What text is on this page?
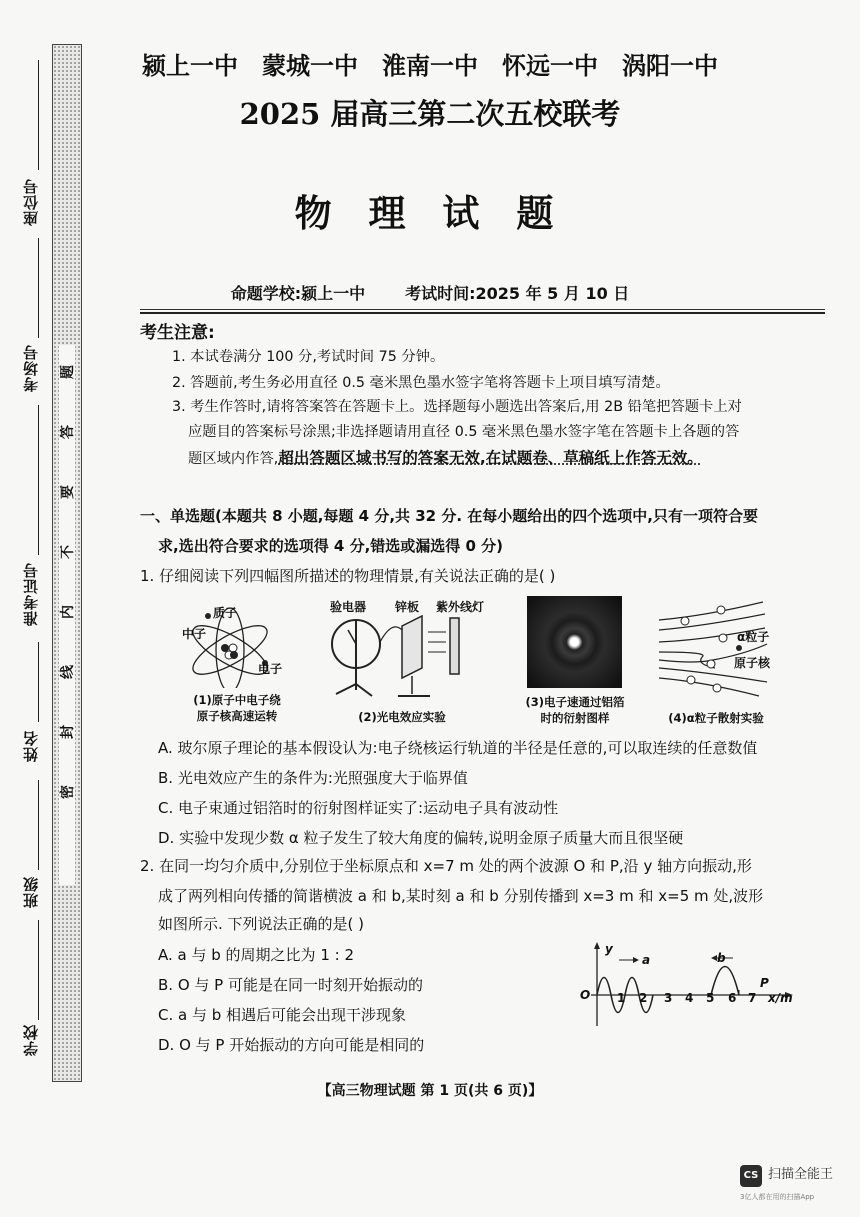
座位号
考场号
准考证号
姓名
班级
学校
题
答
要
不
内
线
封
密
颍上一中 蒙城一中 淮南一中 怀远一中 涡阳一中
2025 届高三第二次五校联考
物 理 试 题
命题学校:颍上一中	考试时间:2025 年 5 月 10 日
考生注意:
1. 本试卷满分 100 分,考试时间 75 分钟。
2. 答题前,考生务必用直径 0.5 毫米黑色墨水签字笔将答题卡上项目填写清楚。
3. 考生作答时,请将答案答在答题卡上。选择题每小题选出答案后,用 2B 铅笔把答题卡上对
应题目的答案标号涂黑;非选择题请用直径 0.5 毫米黑色墨水签字笔在答题卡上各题的答
题区域内作答,超出答题区域书写的答案无效,在试题卷、草稿纸上作答无效。
一、单选题(本题共 8 小题,每题 4 分,共 32 分. 在每小题给出的四个选项中,只有一项符合要
求,选出符合要求的选项得 4 分,错选或漏选得 0 分)
1. 仔细阅读下列四幅图所描述的物理情景,有关说法正确的是( )
质子
中子
电子
(1)原子中电子绕
原子核高速运转
验电器 锌板 紫外线灯
(2)光电效应实验
(3)电子速通过铝箔
时的衍射图样
α粒子
原子核
(4)α粒子散射实验
A. 玻尔原子理论的基本假设认为:电子绕核运行轨道的半径是任意的,可以取连续的任意数值
B. 光电效应产生的条件为:光照强度大于临界值
C. 电子束通过铝箔时的衍射图样证实了:运动电子具有波动性
D. 实验中发现少数 α 粒子发生了较大角度的偏转,说明金原子质量大而且很坚硬
2. 在同一均匀介质中,分别位于坐标原点和 x=7 m 处的两个波源 O 和 P,沿 y 轴方向振动,形
成了两列相向传播的简谐横波 a 和 b,某时刻 a 和 b 分别传播到 x=3 m 和 x=5 m 处,波形
如图所示. 下列说法正确的是( )
A. a 与 b 的周期之比为 1 : 2
B. O 与 P 可能是在同一时刻开始振动的
C. a 与 b 相遇后可能会出现干涉现象
D. O 与 P 开始振动的方向可能是相同的
y
a	b
O
P
x/m
1 2 3 4 5 6 7
【高三物理试题 第 1 页(共 6 页)】
CS 扫描全能王
3亿人都在用的扫描App
